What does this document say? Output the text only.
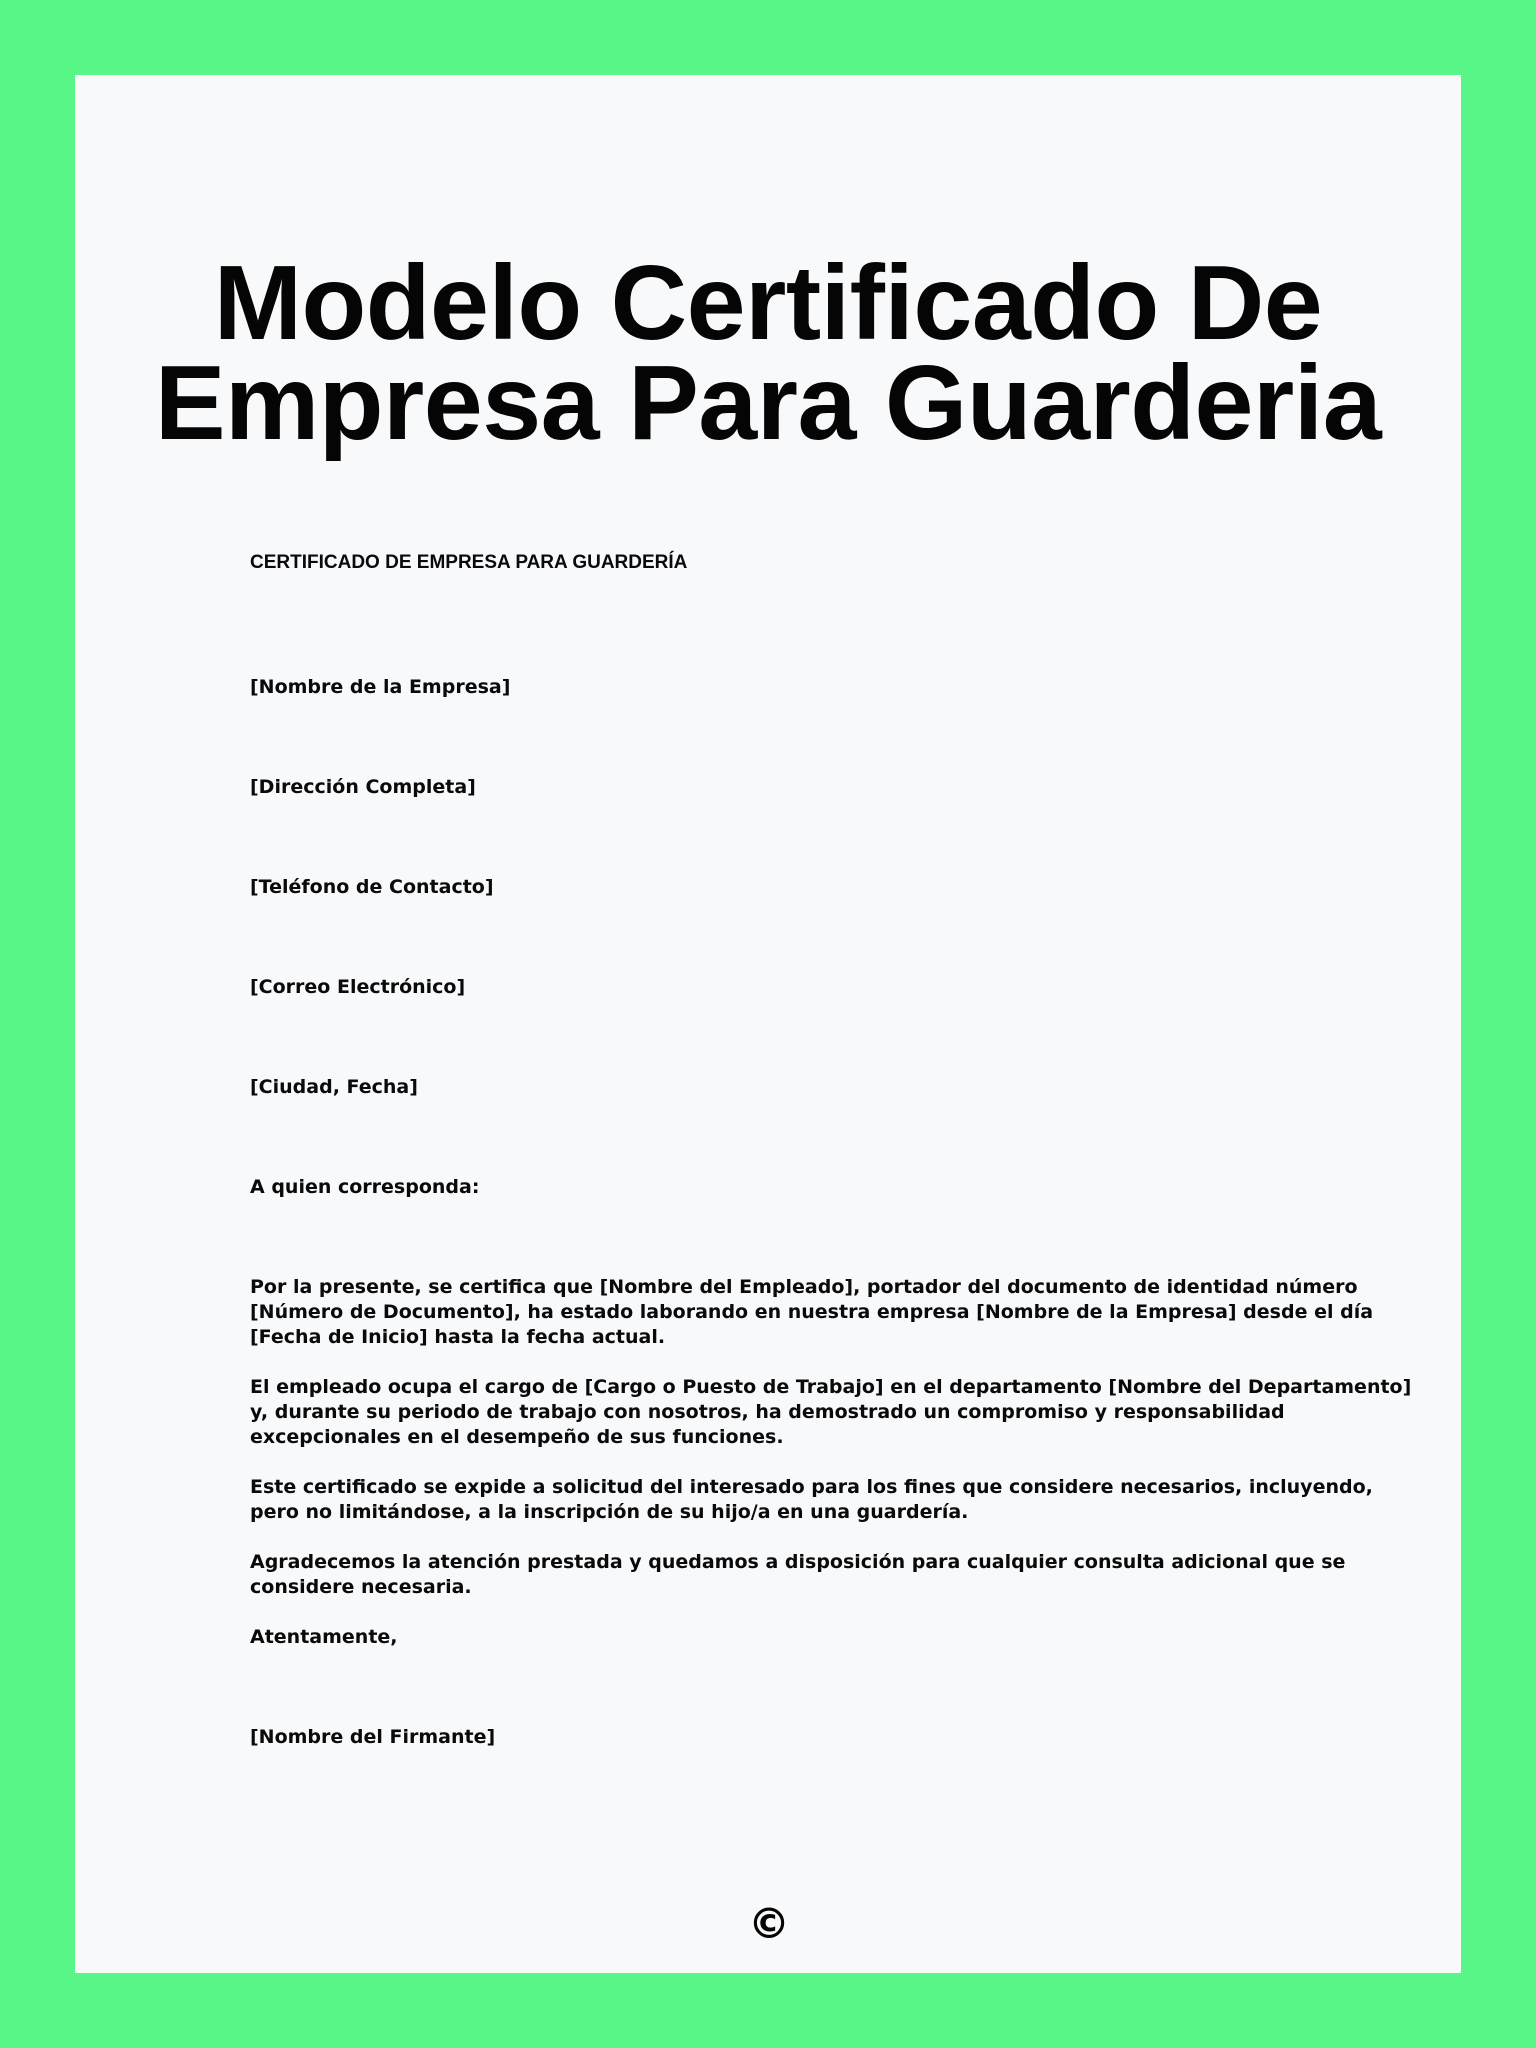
Modelo Certificado De
Empresa Para Guarderia

CERTIFICADO DE EMPRESA PARA GUARDERÍA

[Nombre de la Empresa]

[Dirección Completa]

[Teléfono de Contacto]

[Correo Electrónico]

[Ciudad, Fecha]

A quien corresponda:

Por la presente, se certifica que [Nombre del Empleado], portador del documento de identidad número
[Número de Documento], ha estado laborando en nuestra empresa [Nombre de la Empresa] desde el día
[Fecha de Inicio] hasta la fecha actual.
El empleado ocupa el cargo de [Cargo o Puesto de Trabajo] en el departamento [Nombre del Departamento]
y, durante su periodo de trabajo con nosotros, ha demostrado un compromiso y responsabilidad
excepcionales en el desempeño de sus funciones.
Este certificado se expide a solicitud del interesado para los fines que considere necesarios, incluyendo,
pero no limitándose, a la inscripción de su hijo/a en una guardería.
Agradecemos la atención prestada y quedamos a disposición para cualquier consulta adicional que se
considere necesaria.

Atentamente,

[Nombre del Firmante]

©
